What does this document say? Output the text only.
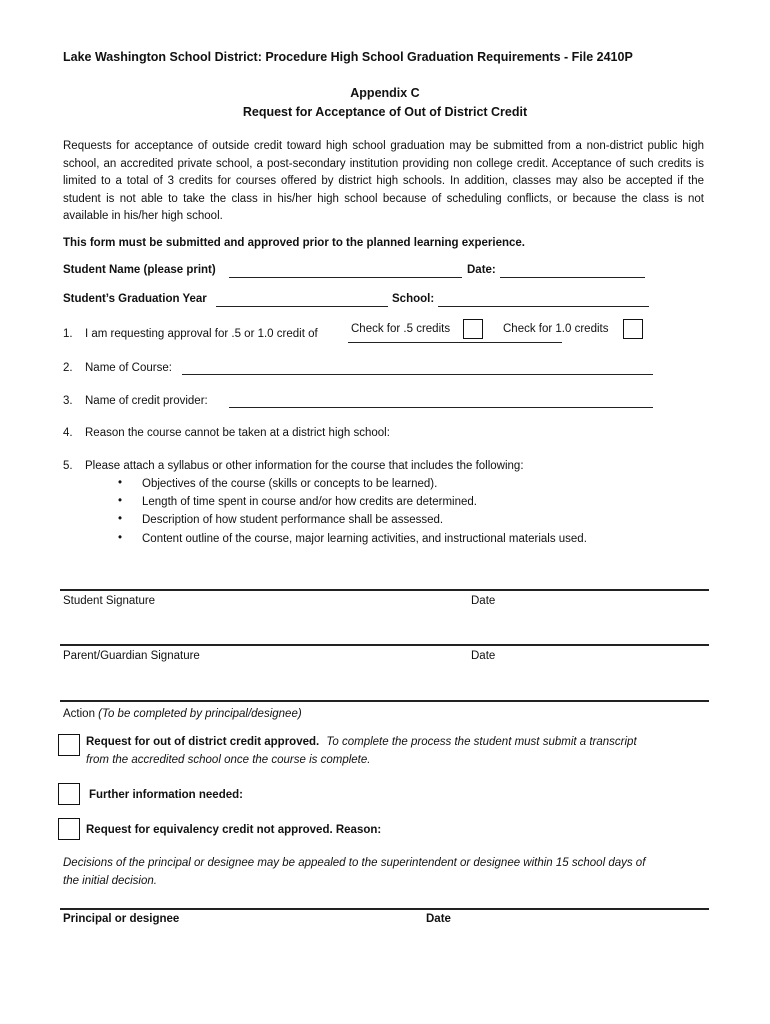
Lake Washington School District: Procedure High School Graduation Requirements - File 2410P
Appendix C
Request for Acceptance of Out of District Credit
Requests for acceptance of outside credit toward high school graduation may be submitted from a non-district public high school, an accredited private school, a post-secondary institution providing non college credit. Acceptance of such credits is limited to a total of 3 credits for courses offered by district high schools. In addition, classes may also be accepted if the student is not able to take the class in his/her high school because of scheduling conflicts, or because the class is not available in his/her high school.
This form must be submitted and approved prior to the planned learning experience.
Student Name (please print)	Date:
Student’s Graduation Year	School:
1. I am requesting approval for .5 or 1.0 credit of	Check for .5 credits	Check for 1.0 credits
2. Name of Course:
3. Name of credit provider:
4. Reason the course cannot be taken at a district high school:
5. Please attach a syllabus or other information for the course that includes the following:
• Objectives of the course (skills or concepts to be learned).
• Length of time spent in course and/or how credits are determined.
• Description of how student performance shall be assessed.
• Content outline of the course, major learning activities, and instructional materials used.
Student Signature	Date
Parent/Guardian Signature	Date
Action (To be completed by principal/designee)
Request for out of district credit approved. To complete the process the student must submit a transcript
from the accredited school once the course is complete.
Further information needed:
Request for equivalency credit not approved. Reason:
Decisions of the principal or designee may be appealed to the superintendent or designee within 15 school days of
the initial decision.
Principal or designee	Date
